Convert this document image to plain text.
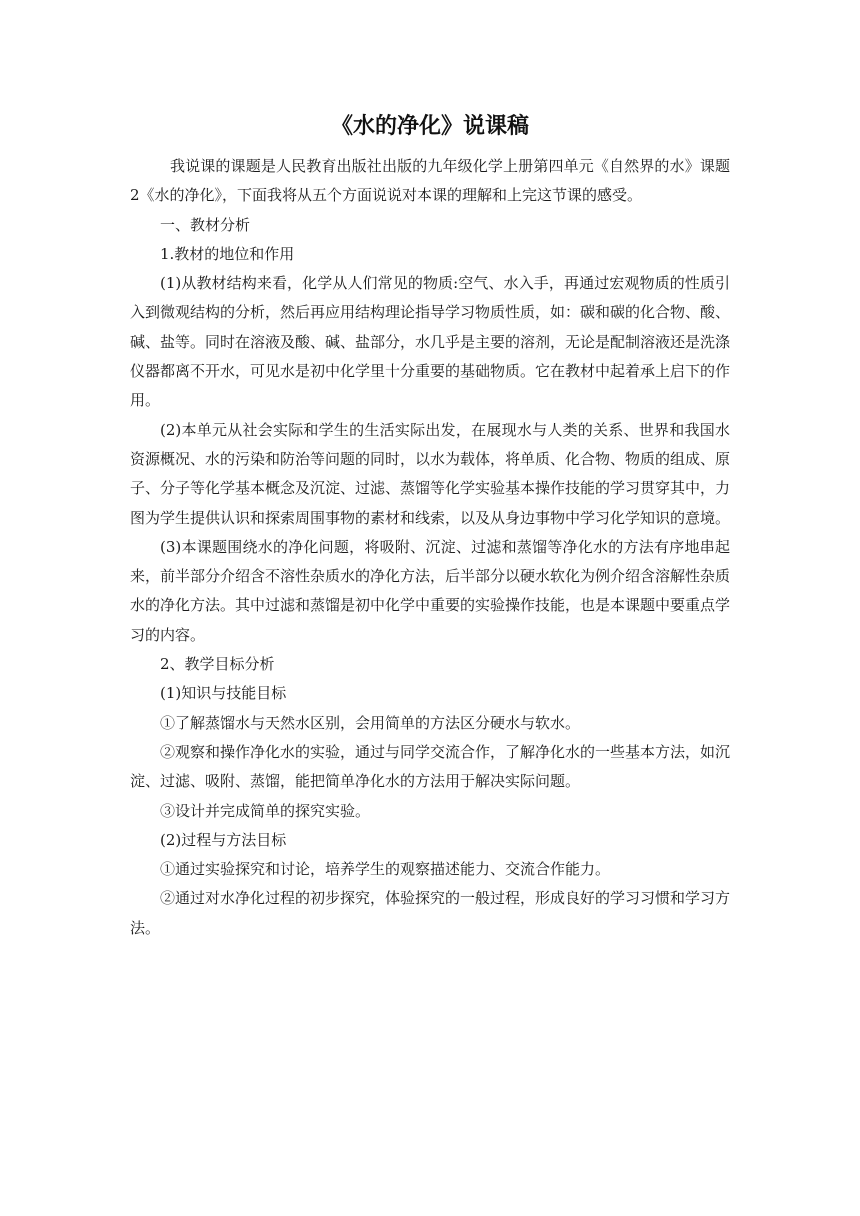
《水的净化》说课稿

我说课的课题是人民教育出版社出版的九年级化学上册第四单元《自然界的水》课题2《水的净化》，下面我将从五个方面说说对本课的理解和上完这节课的感受。

一、教材分析

1.教材的地位和作用

(1)从教材结构来看，化学从人们常见的物质:空气、水入手，再通过宏观物质的性质引入到微观结构的分析，然后再应用结构理论指导学习物质性质，如：碳和碳的化合物、酸、碱、盐等。同时在溶液及酸、碱、盐部分，水几乎是主要的溶剂，无论是配制溶液还是洗涤仪器都离不开水，可见水是初中化学里十分重要的基础物质。它在教材中起着承上启下的作用。

(2)本单元从社会实际和学生的生活实际出发，在展现水与人类的关系、世界和我国水资源概况、水的污染和防治等问题的同时，以水为载体，将单质、化合物、物质的组成、原子、分子等化学基本概念及沉淀、过滤、蒸馏等化学实验基本操作技能的学习贯穿其中，力图为学生提供认识和探索周围事物的素材和线索，以及从身边事物中学习化学知识的意境。

(3)本课题围绕水的净化问题，将吸附、沉淀、过滤和蒸馏等净化水的方法有序地串起来，前半部分介绍含不溶性杂质水的净化方法，后半部分以硬水软化为例介绍含溶解性杂质水的净化方法。其中过滤和蒸馏是初中化学中重要的实验操作技能，也是本课题中要重点学习的内容。

2、教学目标分析

(1)知识与技能目标

①了解蒸馏水与天然水区别，会用简单的方法区分硬水与软水。

②观察和操作净化水的实验，通过与同学交流合作，了解净化水的一些基本方法，如沉淀、过滤、吸附、蒸馏，能把简单净化水的方法用于解决实际问题。

③设计并完成简单的探究实验。

(2)过程与方法目标

①通过实验探究和讨论，培养学生的观察描述能力、交流合作能力。

②通过对水净化过程的初步探究，体验探究的一般过程，形成良好的学习习惯和学习方法。
